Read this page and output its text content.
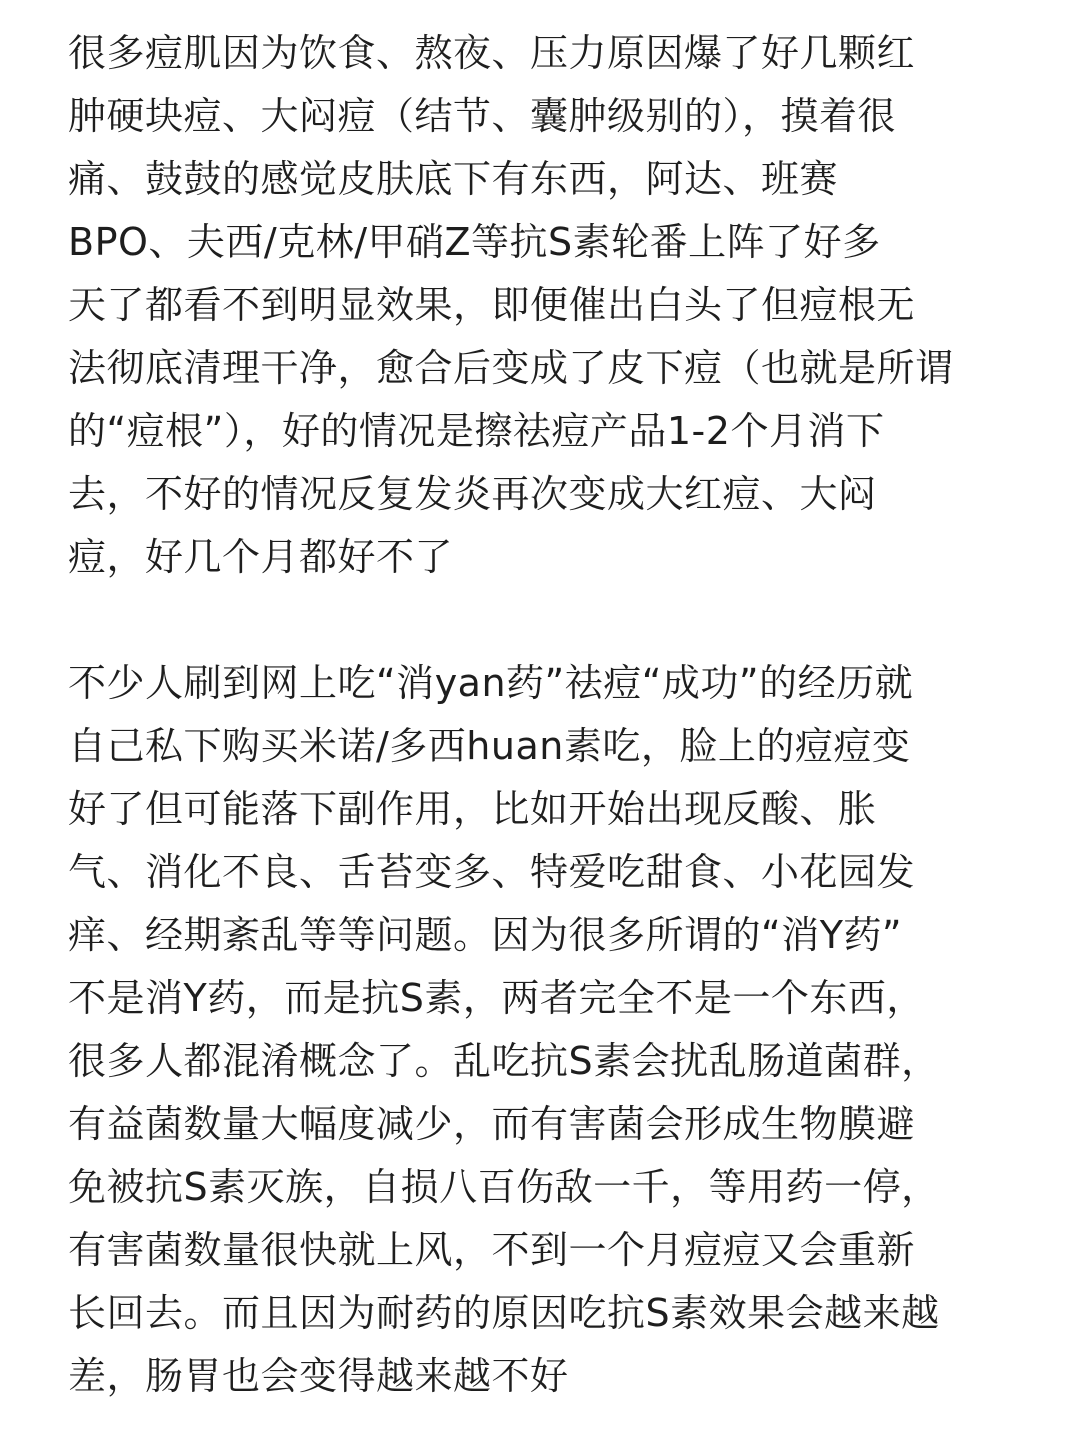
很多痘肌因为饮食、熬夜、压力原因爆了好几颗红
肿硬块痘、大闷痘（结节、囊肿级别的），摸着很
痛、鼓鼓的感觉皮肤底下有东西，阿达、班赛
BPO、夫西/克林/甲硝Z等抗S素轮番上阵了好多
天了都看不到明显效果，即便催出白头了但痘根无
法彻底清理干净，愈合后变成了皮下痘（也就是所谓
的“痘根”），好的情况是擦祛痘产品1-2个月消下
去，不好的情况反复发炎再次变成大红痘、大闷
痘，好几个月都好不了
不少人刷到网上吃“消yan药”祛痘“成功”的经历就
自己私下购买米诺/多西huan素吃，脸上的痘痘变
好了但可能落下副作用，比如开始出现反酸、胀
气、消化不良、舌苔变多、特爱吃甜食、小花园发
痒、经期紊乱等等问题。因为很多所谓的“消Y药”
不是消Y药，而是抗S素，两者完全不是一个东西，
很多人都混淆概念了。乱吃抗S素会扰乱肠道菌群，
有益菌数量大幅度减少，而有害菌会形成生物膜避
免被抗S素灭族，自损八百伤敌一千，等用药一停，
有害菌数量很快就上风，不到一个月痘痘又会重新
长回去。而且因为耐药的原因吃抗S素效果会越来越
差，肠胃也会变得越来越不好
